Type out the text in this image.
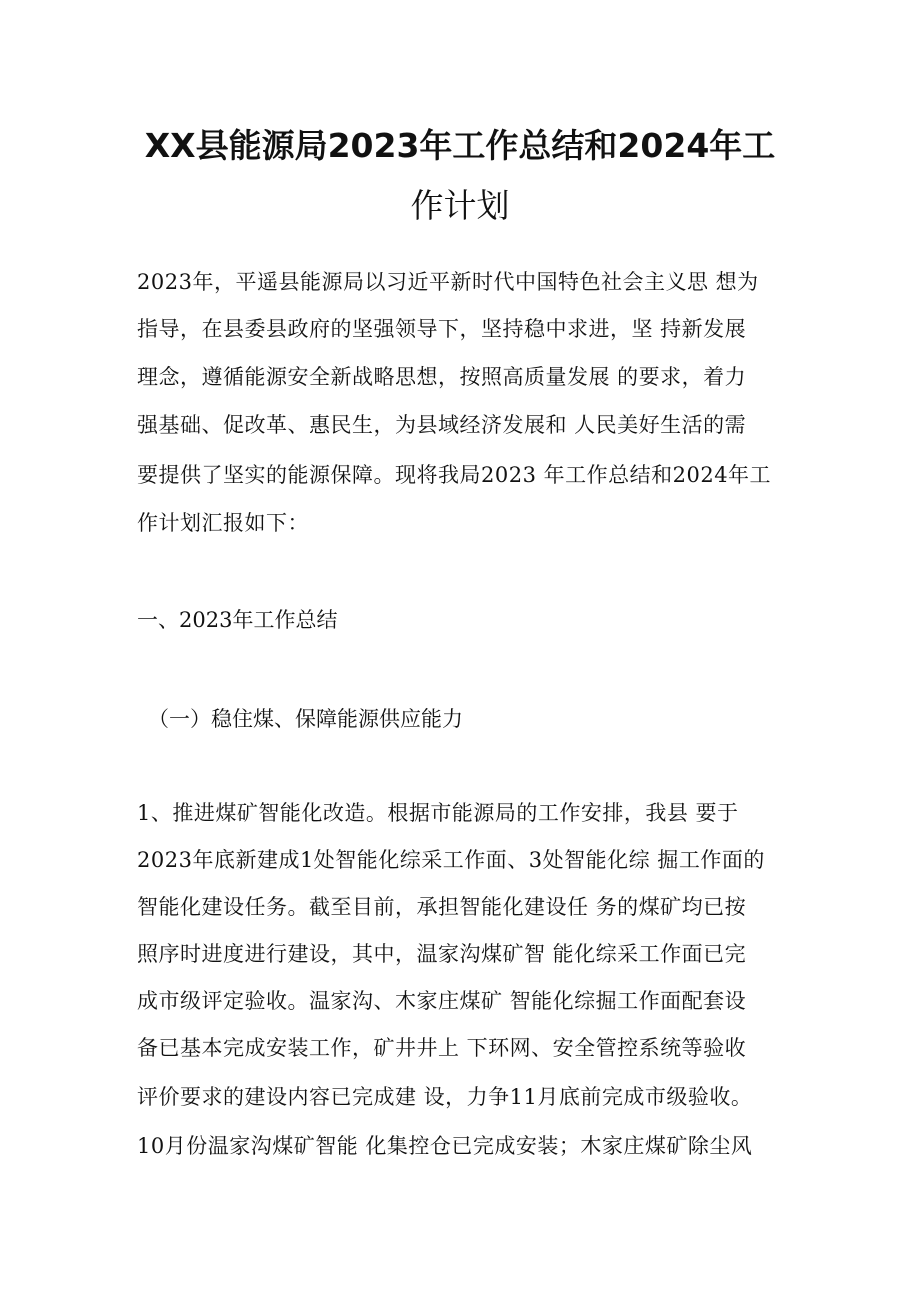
XX县能源局2023年工作总结和2024年工
作计划
2023年，平遥县能源局以习近平新时代中国特色社会主义思 想为
指导，在县委县政府的坚强领导下，坚持稳中求进，坚 持新发展
理念，遵循能源安全新战略思想，按照高质量发展 的要求，着力
强基础、促改革、惠民生，为县域经济发展和 人民美好生活的需
要提供了坚实的能源保障。现将我局2023 年工作总结和2024年工
作计划汇报如下：
一、2023年工作总结
（一）稳住煤、保障能源供应能力
1、推进煤矿智能化改造。根据市能源局的工作安排，我县 要于
2023年底新建成1处智能化综采工作面、3处智能化综 掘工作面的
智能化建设任务。截至目前，承担智能化建设任 务的煤矿均已按
照序时进度进行建设，其中，温家沟煤矿智 能化综采工作面已完
成市级评定验收。温家沟、木家庄煤矿 智能化综掘工作面配套设
备已基本完成安装工作，矿井井上 下环网、安全管控系统等验收
评价要求的建设内容已完成建 设，力争11月底前完成市级验收。
10月份温家沟煤矿智能 化集控仓已完成安装；木家庄煤矿除尘风
